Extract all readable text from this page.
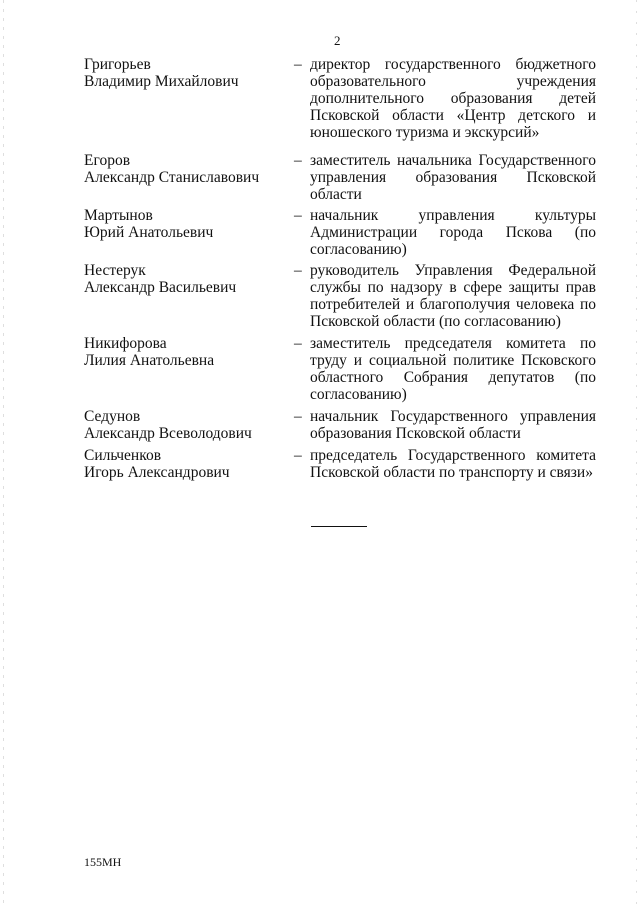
2
Григорьев
Владимир Михайлович
– директор государственного бюджетного образовательного учреждения дополнительного образования детей Псковской области «Центр детского и юношеского туризма и экскурсий»
Егоров
Александр Станиславович
– заместитель начальника Государственного управления образования Псковской области
Мартынов
Юрий Анатольевич
– начальник управления культуры Администрации города Пскова (по согласованию)
Нестерук
Александр Васильевич
– руководитель Управления Федеральной службы по надзору в сфере защиты прав потребителей и благополучия человека по Псковской области (по согласованию)
Никифорова
Лилия Анатольевна
– заместитель председателя комитета по труду и социальной политике Псковского областного Собрания депутатов (по согласованию)
Седунов
Александр Всеволодович
– начальник Государственного управления образования Псковской области
Сильченков
Игорь Александрович
– председатель Государственного комитета Псковской области по транспорту и связи»
155МН
